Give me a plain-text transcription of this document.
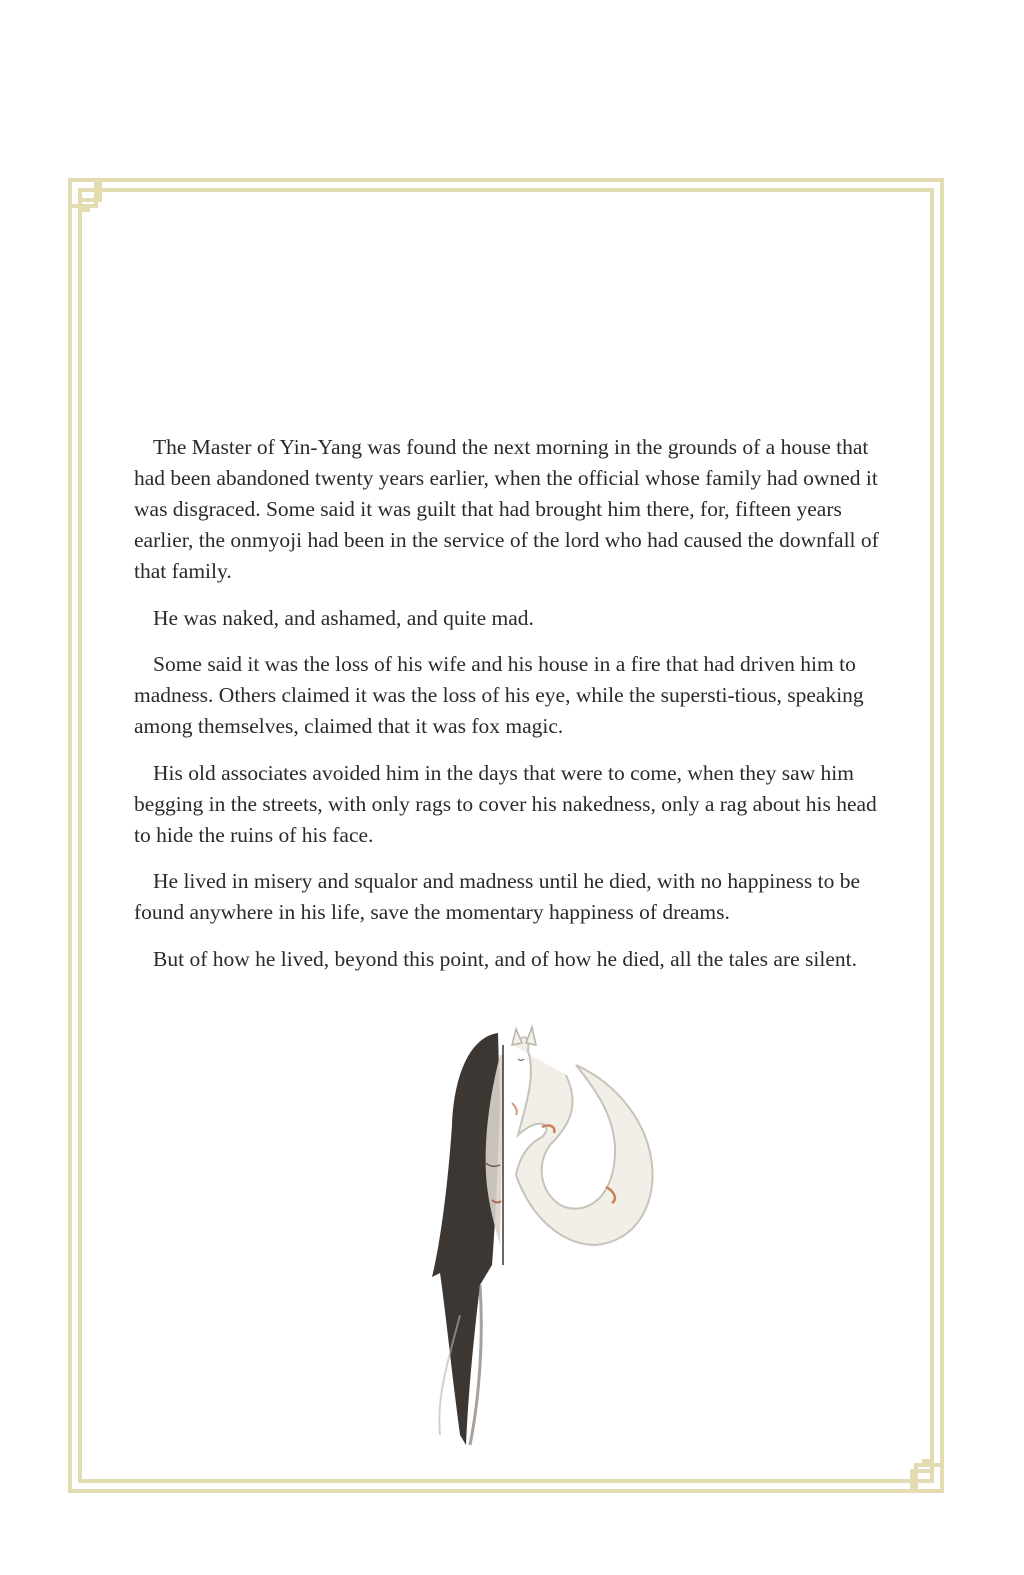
The Master of Yin-Yang was found the next morning in the grounds of a house that had been abandoned twenty years earlier, when the official whose family had owned it was disgraced. Some said it was guilt that had brought him there, for, fifteen years earlier, the onmyoji had been in the service of the lord who had caused the downfall of that family.

He was naked, and ashamed, and quite mad.

Some said it was the loss of his wife and his house in a fire that had driven him to madness. Others claimed it was the loss of his eye, while the supersti-tious, speaking among themselves, claimed that it was fox magic.

His old associates avoided him in the days that were to come, when they saw him begging in the streets, with only rags to cover his nakedness, only a rag about his head to hide the ruins of his face.

He lived in misery and squalor and madness until he died, with no happiness to be found anywhere in his life, save the momentary happiness of dreams.

But of how he lived, beyond this point, and of how he died, all the tales are silent.
